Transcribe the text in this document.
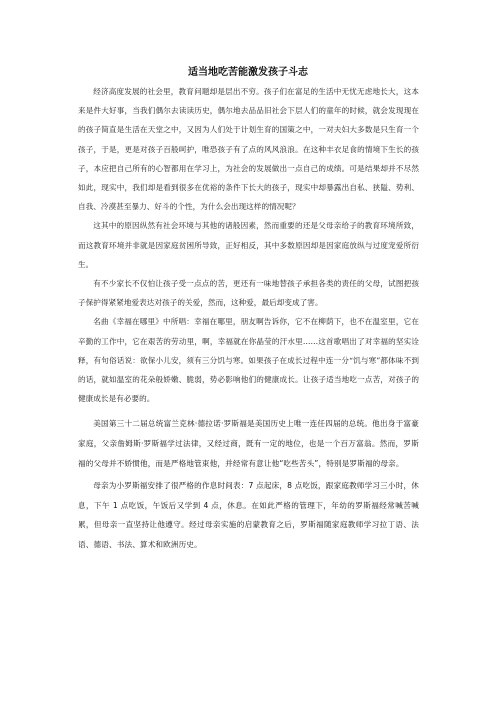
适当地吃苦能激发孩子斗志

经济高度发展的社会里，教育问题却是层出不穷。孩子们在富足的生活中无忧无虑地长大，这本来是件大好事，当我们偶尔去读读历史，偶尔地去品品旧社会下层人们的童年的时候，就会发现现在的孩子简直是生活在天堂之中，又因为人们处于计划生育的国策之中，一对夫妇大多数是只生育一个孩子，于是，更是对孩子百般呵护，唯恐孩子有了点的风风浪浪。在这种丰衣足食的情境下生长的孩子，本应把自己所有的心智都用在学习上，为社会的发展做出一点自己的成绩。可是结果却并不尽然如此，现实中，我们却是看到很多在优裕的条件下长大的孩子，现实中却暴露出自私、狭隘、势利、自我、冷漠甚至暴力、好斗的个性，为什么会出现这样的情况呢？

这其中的原因纵然有社会环境与其他的诸般因素，然而重要的还是父母亲给子的教育环境所致，而这教育环境并非就是因家庭贫困所导致，正好相反，其中多数原因却是因家庭放纵与过度宠爱所衍生。

有不少家长不仅怕让孩子受一点点的苦，更还有一味地替孩子承担各类的责任的父母，试图把孩子保护得紧紧地爱表达对孩子的关爱，然而，这种爱，最后却变成了害。

名曲《幸福在哪里》中所唱：幸福在哪里，朋友啊告诉你，它不在柳荫下，也不在温室里，它在辛勤的工作中，它在艰苦的劳动里，啊，幸福就在你晶莹的汗水里……这首歌唱出了对幸福的坚实诠释，有句俗话说：欲保小儿安，须有三分饥与寒。如果孩子在成长过程中连一分“饥与寒”都体味不到的话，就如温室的花朵般娇嫩、脆弱，势必影响他们的健康成长。让孩子适当地吃一点苦，对孩子的健康成长是有必要的。

美国第三十二届总统富兰克林·德拉诺·罗斯福是美国历史上唯一连任四届的总统。他出身于富豪家庭，父亲詹姆斯·罗斯福学过法律，又经过商，既有一定的地位，也是一个百万富翁。然而，罗斯福的父母并不娇惯他，而是严格地管束他，并经常有意让他“吃些苦头”，特别是罗斯福的母亲。

母亲为小罗斯福安排了很严格的作息时间表：7 点起床，8 点吃饭，跟家庭教师学习三小时，休息，下午 1 点吃饭，午饭后又学到 4 点，休息。在如此严格的管理下，年幼的罗斯福经常喊苦喊累，但母亲一直坚持让他遵守。经过母亲实施的启蒙教育之后，罗斯福随家庭教师学习拉丁语、法语、德语、书法、算术和欧洲历史。
